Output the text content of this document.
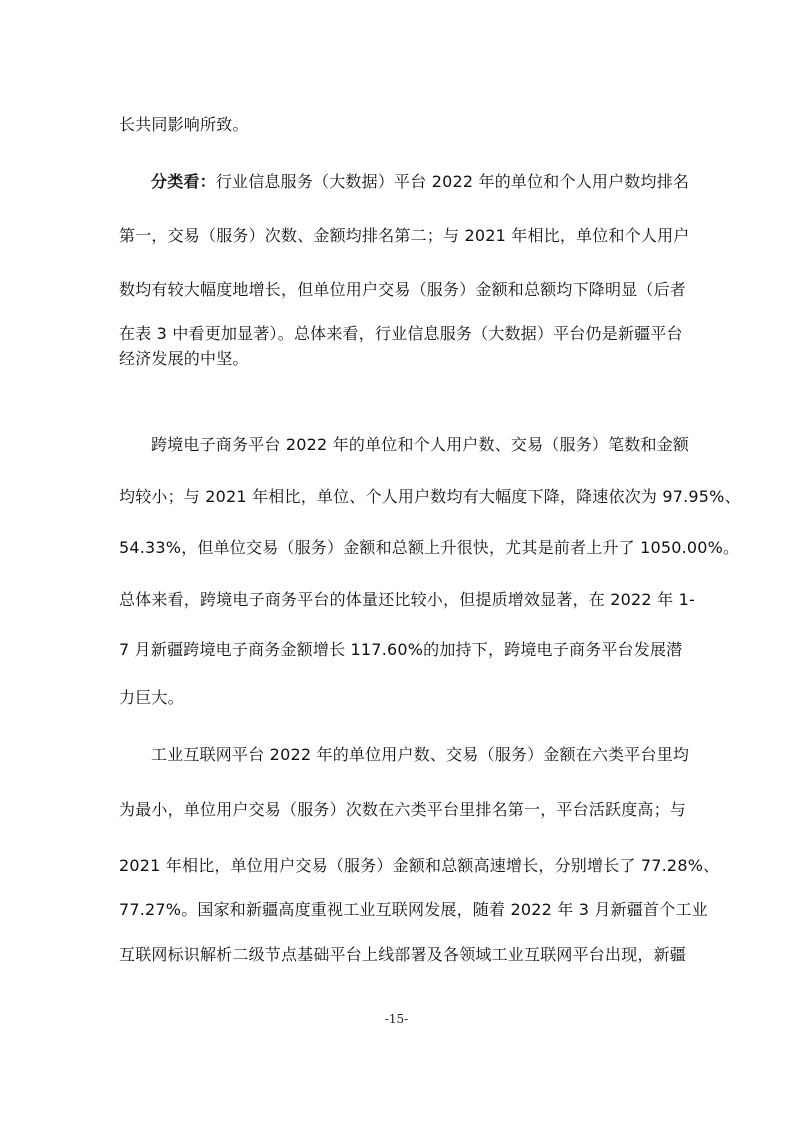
长共同影响所致。
分类看：行业信息服务（大数据）平台 2022 年的单位和个人用户数均排名
第一，交易（服务）次数、金额均排名第二；与 2021 年相比，单位和个人用户
数均有较大幅度地增长，但单位用户交易（服务）金额和总额均下降明显（后者
在表 3 中看更加显著）。总体来看，行业信息服务（大数据）平台仍是新疆平台
经济发展的中坚。
跨境电子商务平台 2022 年的单位和个人用户数、交易（服务）笔数和金额
均较小；与 2021 年相比，单位、个人用户数均有大幅度下降，降速依次为 97.95%、
54.33%，但单位交易（服务）金额和总额上升很快，尤其是前者上升了 1050.00%。
总体来看，跨境电子商务平台的体量还比较小，但提质增效显著，在 2022 年 1-
7 月新疆跨境电子商务金额增长 117.60%的加持下，跨境电子商务平台发展潜
力巨大。
工业互联网平台 2022 年的单位用户数、交易（服务）金额在六类平台里均
为最小，单位用户交易（服务）次数在六类平台里排名第一，平台活跃度高；与
2021 年相比，单位用户交易（服务）金额和总额高速增长，分别增长了 77.28%、
77.27%。国家和新疆高度重视工业互联网发展，随着 2022 年 3 月新疆首个工业
互联网标识解析二级节点基础平台上线部署及各领域工业互联网平台出现，新疆
-15-
